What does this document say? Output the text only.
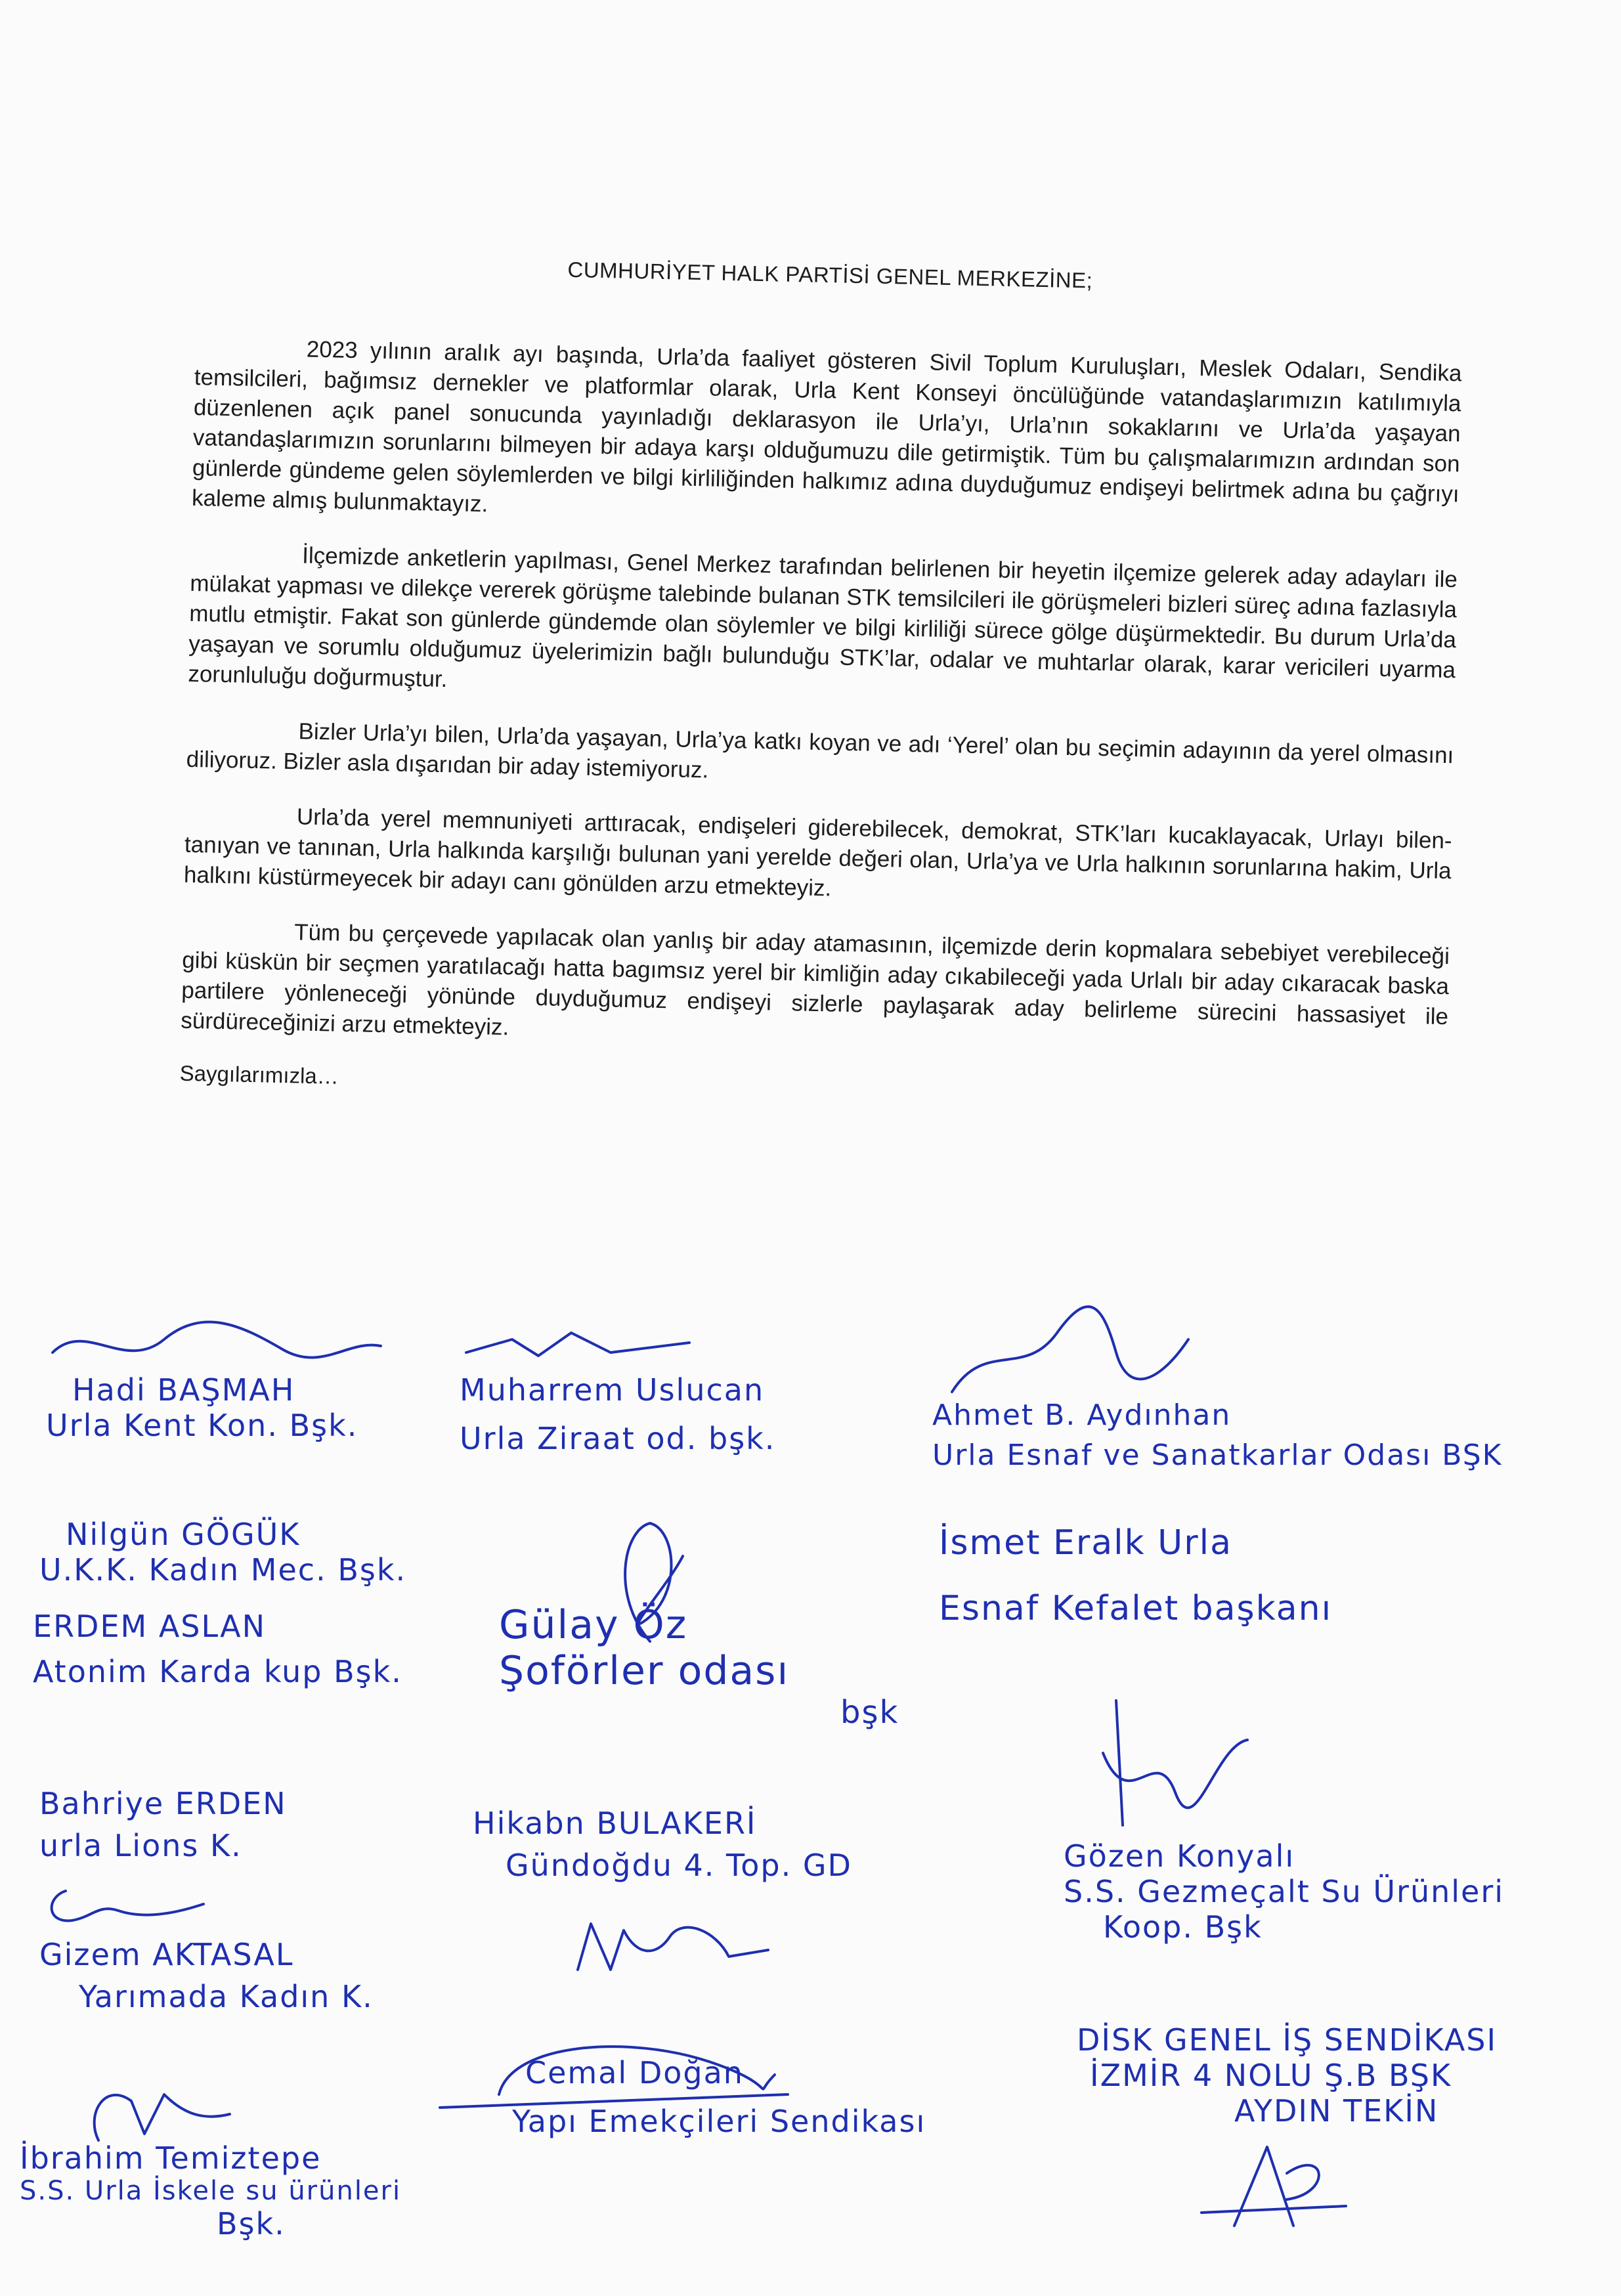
CUMHURİYET HALK PARTİSİ GENEL MERKEZİNE;

2023 yılının aralık ayı başında, Urla’da faaliyet gösteren Sivil Toplum Kuruluşları, Meslek Odaları, Sendika temsilcileri, bağımsız dernekler ve platformlar olarak, Urla Kent Konseyi öncülüğünde vatandaşlarımızın katılımıyla düzenlenen açık panel sonucunda yayınladığı deklarasyon ile Urla’yı, Urla’nın sokaklarını ve Urla’da yaşayan vatandaşlarımızın sorunlarını bilmeyen bir adaya karşı olduğumuzu dile getirmiştik. Tüm bu çalışmalarımızın ardından son günlerde gündeme gelen söylemlerden ve bilgi kirliliğinden halkımız adına duyduğumuz endişeyi belirtmek adına bu çağrıyı kaleme almış bulunmaktayız.

İlçemizde anketlerin yapılması, Genel Merkez tarafından belirlenen bir heyetin ilçemize gelerek aday adayları ile mülakat yapması ve dilekçe vererek görüşme talebinde bulanan STK temsilcileri ile görüşmeleri bizleri süreç adına fazlasıyla mutlu etmiştir. Fakat son günlerde gündemde olan söylemler ve bilgi kirliliği sürece gölge düşürmektedir. Bu durum Urla’da yaşayan ve sorumlu olduğumuz üyelerimizin bağlı bulunduğu STK’lar, odalar ve muhtarlar olarak, karar vericileri uyarma zorunluluğu doğurmuştur.

Bizler Urla’yı bilen, Urla’da yaşayan, Urla’ya katkı koyan ve adı ‘Yerel’ olan bu seçimin adayının da yerel olmasını diliyoruz. Bizler asla dışarıdan bir aday istemiyoruz.

Urla’da yerel memnuniyeti arttıracak, endişeleri giderebilecek, demokrat, STK’ları kucaklayacak, Urlayı bilen-tanıyan ve tanınan, Urla halkında karşılığı bulunan yani yerelde değeri olan, Urla’ya ve Urla halkının sorunlarına hakim, Urla halkını küstürmeyecek bir adayı canı gönülden arzu etmekteyiz.

Tüm bu çerçevede yapılacak olan yanlış bir aday atamasının, ilçemizde derin kopmalara sebebiyet verebileceği gibi küskün bir seçmen yaratılacağı hatta bagımsız yerel bir kimliğin aday cıkabileceği yada Urlalı bir aday cıkaracak baska partilere yönleneceği yönünde duyduğumuz endişeyi sizlerle paylaşarak aday belirleme sürecini hassasiyet ile sürdüreceğinizi arzu etmekteyiz.

Saygılarımızla…
Hadi BAŞMAH
Urla Kent Kon. Bşk.
Muharrem Uslucan
Urla Ziraat od. bşk.
Ahmet B. Aydınhan
Urla Esnaf ve Sanatkarlar Odası BŞK
Nilgün GÖGÜK
U.K.K. Kadın Mec. Bşk.
ERDEM ASLAN
Atonim Karda kup Bşk.
Gülay Öz
Şoförler odası
bşk
İsmet Eralk Urla
Esnaf Kefalet başkanı
Bahriye ERDEN
urla Lions K.
Hikabn BULAKERİ
Gündoğdu 4. Top. GD	Gözen Konyalı
S.S. Gezmeçalt Su Ürünleri
Koop. Bşk
Gizem AKTASAL
Yarımada Kadın K.
Cemal Doğan
Yapı Emekçileri Sendikası
DİSK GENEL İŞ SENDİKASI
İZMİR 4 NOLU Ş.B BŞK
AYDIN TEKİN
İbrahim Temiztepe
S.S. Urla İskele su ürünleri
Bşk.
